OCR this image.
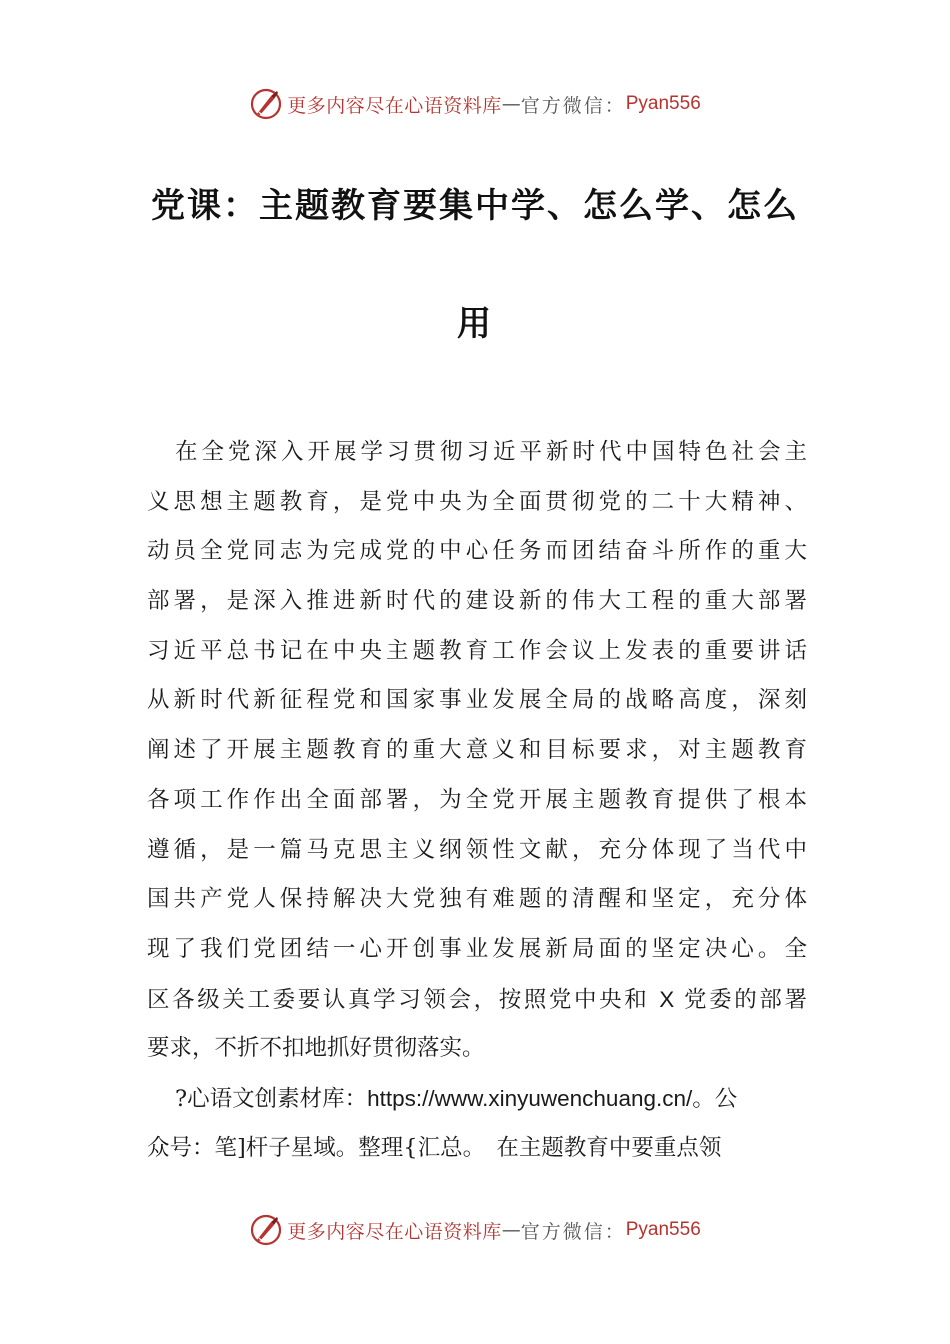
更多内容尽在心语资料库 — 官方微信： Pyan556
党课：主题教育要集中学、怎么学、怎么
用
在全党深入开展学习贯彻习近平新时代中国特色社会主
义思想主题教育，是党中央为全面贯彻党的二十大精神、
动员全党同志为完成党的中心任务而团结奋斗所作的重大
部署，是深入推进新时代的建设新的伟大工程的重大部署
习近平总书记在中央主题教育工作会议上发表的重要讲话
从新时代新征程党和国家事业发展全局的战略高度，深刻
阐述了开展主题教育的重大意义和目标要求，对主题教育
各项工作作出全面部署，为全党开展主题教育提供了根本
遵循，是一篇马克思主义纲领性文献，充分体现了当代中
国共产党人保持解决大党独有难题的清醒和坚定，充分体
现了我们党团结一心开创事业发展新局面的坚定决心。全
区各级关工委要认真学习领会，按照党中央和 X 党委的部署
要求，不折不扣地抓好贯彻落实。
?心语文创素材库：https://www.xinyuwenchuang.cn/。公
众号：笔]杆子星域。整理{汇总。　在主题教育中要重点领
更多内容尽在心语资料库 — 官方微信： Pyan556
